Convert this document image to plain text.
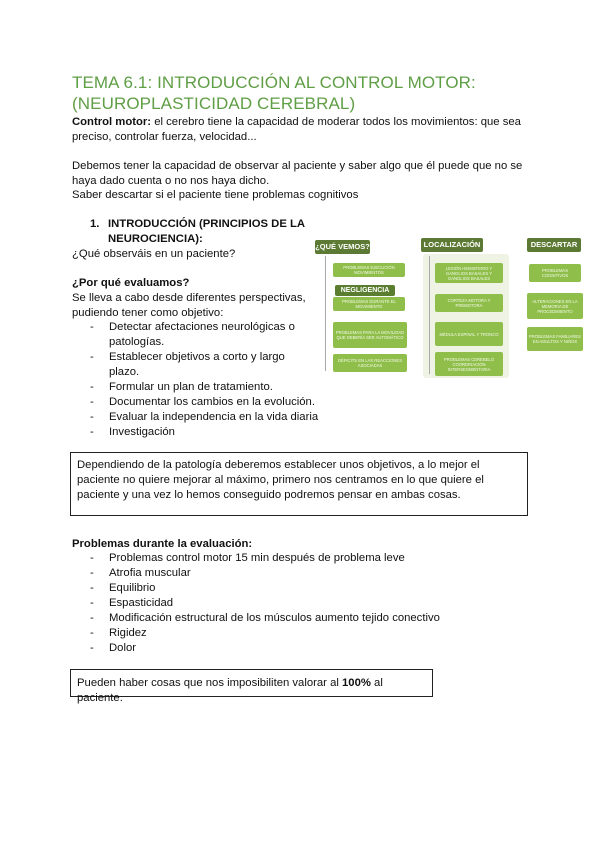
TEMA 6.1: INTRODUCCIÓN AL CONTROL MOTOR:
(NEUROPLASTICIDAD CEREBRAL)
Control motor: el cerebro tiene la capacidad de moderar todos los movimientos: que sea preciso, controlar fuerza, velocidad...
Debemos tener la capacidad de observar al paciente y saber algo que él puede que no se haya dado cuenta o no nos haya dicho.
Saber descartar si el paciente tiene problemas cognitivos
1. INTRODUCCIÓN (PRINCIPIOS DE LA
NEUROCIENCIA):
¿Qué observáis en un paciente?
¿Por qué evaluamos?
Se lleva a cabo desde diferentes perspectivas,
pudiendo tener como objetivo:
- Detectar afectaciones neurológicas o
patologías.
- Establecer objetivos a corto y largo
plazo.
- Formular un plan de tratamiento.
- Documentar los cambios en la evolución.
- Evaluar la independencia en la vida diaria
- Investigación
¿QUÉ VEMOS?
PROBLEMAS EJECUCIÓN MOVIMIENTOS
NEGLIGENCIA
PROBLEMAS DURANTE EL MOVIMIENTO
PROBLEMAS PARA LA MOVILIDAD QUE DEBERÍA SER AUTOMÁTICO
DÉFICITS EN LAS REACCIONES ASOCIADAS
LOCALIZACIÓN
LESIÓN HEMISFERIO Y GANGLIOS BASALES Y GANGLIOS BASALES
CORTEZA MOTORA Y PREMOTORA
MÉDULA ESPINAL Y TRONCO
PROBLEMAS CEREBELO COORDINACIÓN INTERSEGMENTARIA
DESCARTAR
PROBLEMAS COGNITIVOS
ALTERACIONES EN LA MEMORIA DE PROCEDIMIENTO
PROBLEMAS FAMILIARES EN ADULTOS Y NIÑOS
Dependiendo de la patología deberemos establecer unos objetivos, a lo mejor el paciente no quiere mejorar al máximo, primero nos centramos en lo que quiere el paciente y una vez lo hemos conseguido podremos pensar en ambas cosas.
Problemas durante la evaluación:
- Problemas control motor 15 min después de problema leve
- Atrofia muscular
- Equilibrio
- Espasticidad
- Modificación estructural de los músculos aumento tejido conectivo
- Rigidez
- Dolor
Pueden haber cosas que nos imposibiliten valorar al 100% al paciente.
